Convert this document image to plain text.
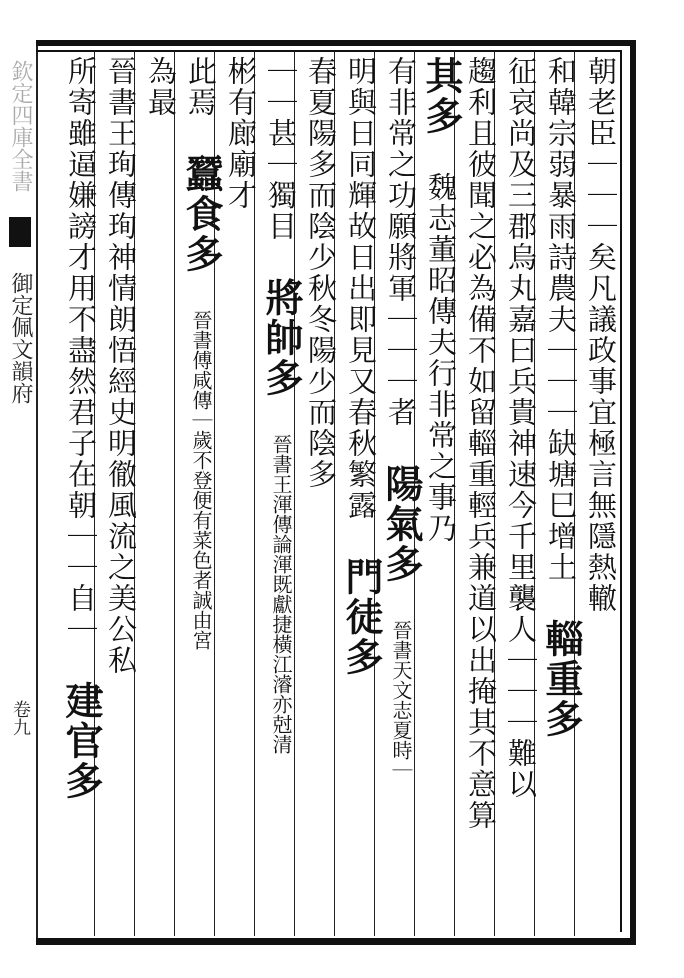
欽定四庫全書  御定佩文韻府
卷九
朝老臣｜｜｜矣凡議政事宜極言無隱熱轍
和韓宗弱暴雨詩農夫｜｜｜缺塘巳增土 輜重多
征哀尚及三郡烏丸嘉曰兵貴神速今千里襲人｜｜｜難以
趨利且彼聞之必為備不如留輜重輕兵兼道以出掩其不意算
其多 魏志董昭傳夫行非常之事乃
有非常之功願將軍｜｜｜者 陽氣多 晉書天文志夏時｜
明與日同輝故日出即見又春秋繁露 門徒多
春夏陽多而陰少秋冬陽少而陰多
｜｜甚｜獨目 將帥多 晉書王渾傳論渾既獻捷橫江濬亦尅清
彬有廊廟才
此焉 蠶食多 晉書傅咸傳｜歲不登便有菜色者誠由宮
為最
晉書王珣傳珣神情朗悟經史明徹風流之美公私
所寄雖逼嫌謗才用不盡然君子在朝｜｜自｜ 建官多
